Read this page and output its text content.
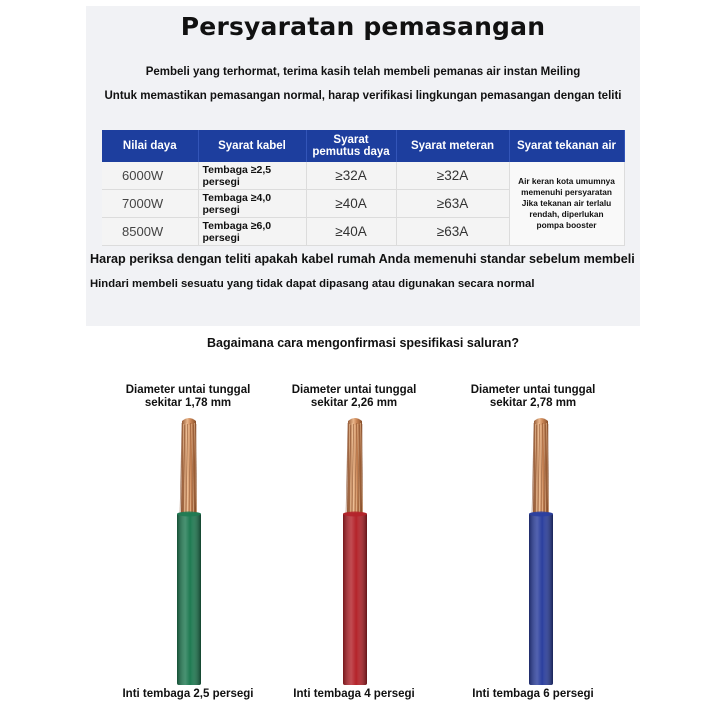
Persyaratan pemasangan
Pembeli yang terhormat, terima kasih telah membeli pemanas air instan Meiling
Untuk memastikan pemasangan normal, harap verifikasi lingkungan pemasangan dengan teliti
Nilai daya	Syarat kabel	Syarat pemutus daya	Syarat meteran	Syarat tekanan air
6000W	Tembaga ≥2,5 persegi	≥32A	≥32A	Air keran kota umumnya memenuhi persyaratan Jika tekanan air terlalu rendah, diperlukan pompa booster
7000W	Tembaga ≥4,0 persegi	≥40A	≥63A	
8500W	Tembaga ≥6,0 persegi	≥40A	≥63A	
Harap periksa dengan teliti apakah kabel rumah Anda memenuhi standar sebelum membeli
Hindari membeli sesuatu yang tidak dapat dipasang atau digunakan secara normal
Bagaimana cara mengonfirmasi spesifikasi saluran?
Diameter untai tunggal
sekitar 1,78 mm
Inti tembaga 2,5 persegi
Diameter untai tunggal
sekitar 2,26 mm
Inti tembaga 4 persegi
Diameter untai tunggal
sekitar 2,78 mm
Inti tembaga 6 persegi
